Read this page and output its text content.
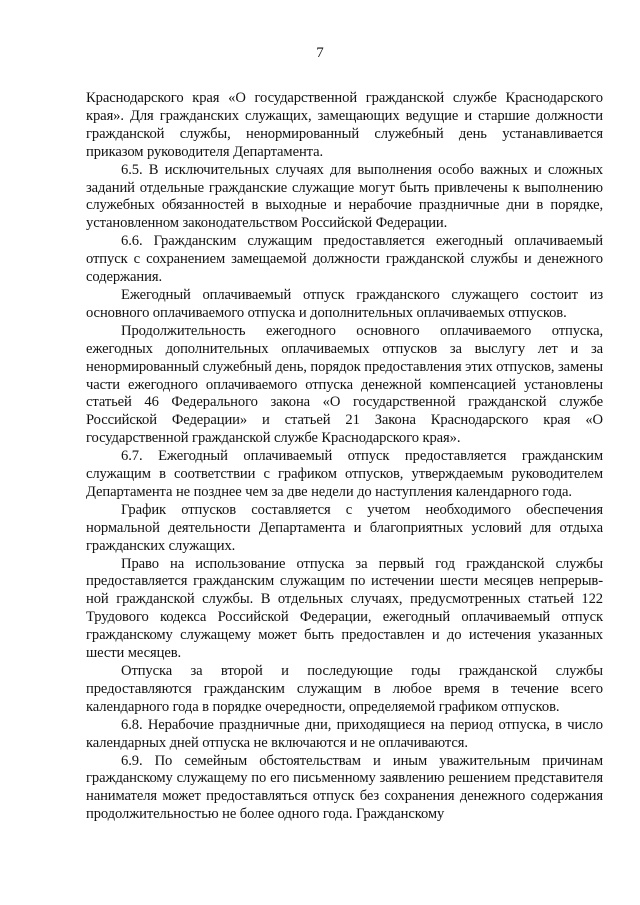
7

Краснодарского края «О государственной гражданской службе Краснодарского края». Для гражданских служащих, замещающих ведущие и старшие должности гражданской службы, ненормированный служебный день устанавливается приказом руководителя Департамента.

6.5. В исключительных случаях для выполнения особо важных и сложных заданий отдельные гражданские служащие могут быть привлечены к выполнению служебных обязанностей в выходные и нерабочие праздничные дни в порядке, установленном законодательством Российской Федерации.

6.6. Гражданским служащим предоставляется ежегодный оплачиваемый отпуск с сохранением замещаемой должности гражданской службы и денежного содержания.

Ежегодный оплачиваемый отпуск гражданского служащего состоит из основного оплачиваемого отпуска и дополнительных оплачиваемых отпусков.

Продолжительность ежегодного основного оплачиваемого отпуска, ежегодных дополнительных оплачиваемых отпусков за выслугу лет и за ненормированный служебный день, порядок предоставления этих отпусков, замены части ежегодного оплачиваемого отпуска денежной компенсацией установлены статьей 46 Федерального закона «О государственной гражданской службе Российской Федерации» и статьей 21 Закона Краснодарского края «О государственной гражданской службе Краснодарского края».

6.7. Ежегодный оплачиваемый отпуск предоставляется гражданским служащим в соответствии с графиком отпусков, утверждаемым руководителем Департамента не позднее чем за две недели до наступления календарного года.

График отпусков составляется с учетом необходимого обеспечения нормальной деятельности Департамента и благоприятных условий для отдыха гражданских служащих.

Право на использование отпуска за первый год гражданской службы предоставляется гражданским служащим по истечении шести месяцев непрерыв-ной гражданской службы. В отдельных случаях, предусмотренных статьей 122 Трудового кодекса Российской Федерации, ежегодный оплачиваемый отпуск гражданскому служащему может быть предоставлен и до истечения указанных шести месяцев.

Отпуска за второй и последующие годы гражданской службы предоставляются гражданским служащим в любое время в течение всего календарного года в порядке очередности, определяемой графиком отпусков.

6.8. Нерабочие праздничные дни, приходящиеся на период отпуска, в число календарных дней отпуска не включаются и не оплачиваются.

6.9. По семейным обстоятельствам и иным уважительным причинам гражданскому служащему по его письменному заявлению решением представителя нанимателя может предоставляться отпуск без сохранения денежного содержания продолжительностью не более одного года. Гражданскому
